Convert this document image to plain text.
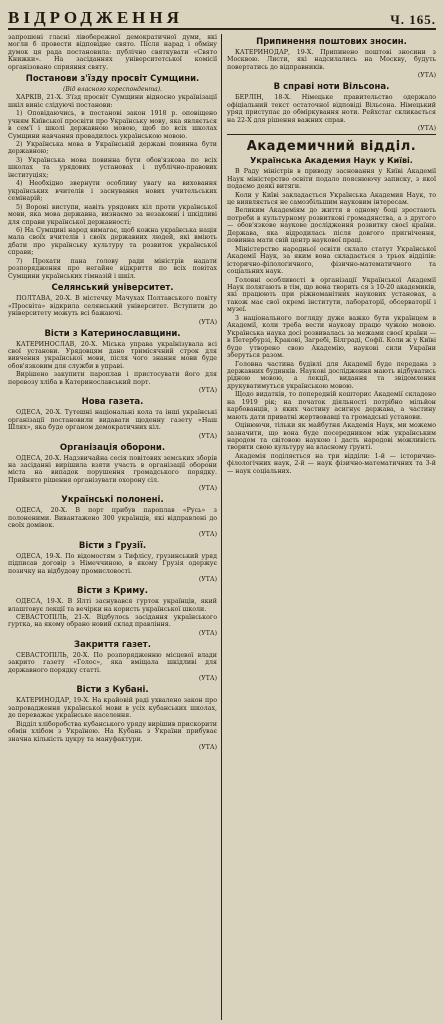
ВІДРОДЖЕННЯ	Ч. 165.

запрошені гласні лівобережної демократичної думи, які могли б провести відповідне свято. Після нарад і обміну думок ця рада постановила: публічно святкувати «Свято Книжки». На засіданнях університетської комісії організовано сприяння святу.

Постанови з'їзду просвіт Сумщини.
(Від власного кореспондента).

ХАРКІВ, 21-Х. З'їзд просвіт Сумщини відносно українізації шкіл виніс слідуючі постанови:

1) Оповідаючись, в постанові закон 1918 р. оповіщено учням Київської просвіти про Українську мову, яка являється в сем'ї і школі державною мовою, щоб по всіх школах Сумщини навчання провадилось українською мовою.

2) Українська мова в Українській державі повинна бути державною;

3) Українська мова повинна бути обов'язкова по всіх школах та урядових установах і публічно-правових інституціях;

4) Необхідно звернути особливу увагу на виховання українських вчителів і заснування нових учительських семінарій;

5) Вороні виступи, навіть урядових кіл проти української мови, яка мова державна, визнаємо за незаконні і шкідливі для справи української державності;

6) На Сумщині народ вимагає, щоб кожна українська нація мала своїх вчителів і своїх державних людей, які вміють дбати про українську культуру та розвиток української справи;

7) Прохати пана голову ради міністрів надати розпорядження про негайне відкриття по всіх повітах Сумщини українських гімназій і шкіл.

Селянський університет.

ПОЛТАВА, 20-Х. В містечку Мачухах Полтавського повіту «Просвіта» відкрила селянський університет. Вступити до університету можуть всі бажаючі.

(УТА)
Вісти з Катеринославщини.

КАТЕРИНОСЛАВ, 20-Х. Міська управа українізувала всі свої установи. Урядовцям дано тримісячний строк для вивчення української мови, після чого знання мови буде обов'язковим для служби в управі.

Вирішено закупити пароплав і пристосувати його для перевозу хліба в Катеринославський порт.

(УТА)
Нова газета.

ОДЕСА, 20-Х. Тутешні національні кола та інші українські організації постановили видавати щоденну газету «Наш Шлях», яка буде органом демократичних кіл.

(УТА)
Організація оборони.

ОДЕСА, 20-Х. Надзвичайна сесія повітових земських зборів на засіданні вирішила взяти участь в організації оборони міста на випадок порушення громадського порядку. Прийнято рішення організувати охорону сіл.

(УТА)
Українські полонені.

ОДЕСА, 20-Х. В порт прибув пароплав «Русь» з полоненими. Вивантажено 300 українців, які відправлені до своїх домівок.

(УТА)
Вісти з Грузії.

ОДЕСА, 19-Х. По відомостям з Тифлісу, грузинський уряд підписав договір з Німеччиною, в якому Грузія одержує позичку на відбудову промисловості.

(УТА)
Вісти з Криму.

ОДЕСА, 19-Х. В Ялті заснувався гурток українців, який влаштовує лекції та вечірки на користь української школи.

СЕВАСТОПІЛЬ, 21-Х. Відбулось засідання українського гуртка, на якому обрано новий склад правління.

(УТА)
Закриття газет.

СЕВАСТОПІЛЬ, 20-Х. По розпорядженню місцевої влади закрито газету «Голос», яка вміщала шкідливі для державного порядку статті.

(УТА)
Вісти з Кубані.

КАТЕРИНОДАР, 19-Х. На крайовій раді ухвалено закон про запровадження української мови в усіх кубанських школах, де переважає українське населення.

Відділ хліборобства кубанського уряду вирішив прискорити обмін хлібом з Україною. На Кубань з України прибуває значна кількість цукру та мануфактури.

(УТА)
Припинення поштових зносин.

КАТЕРИНОДАР, 19-Х. Припинено поштові зносини з Москвою. Листи, які надсилались на Москву, будуть повертатись до відправників.

(УТА)
В справі ноти Вільсона.

БЕРЛІН, 18-Х. Німецьке правительство одержало офіціальний текст остаточної відповіді Вільсона. Німецький уряд приступає до обміркування ноти. Рейхстаг скликається на 22-Х для рішення важних справ.

(УТА)
Академичний відділ.
Українська Академия Наук у Київі.

В Раду міністрів в приводу засновання у Київі Академії Наук міністерство освіти подало пояснюючу записку, з якої подаємо деякі витяги.

Коли у Київі закладається Українська Академия Наук, то це виявляється не самозбільшим науковим інтересам.

Великим Академіям до життя в одному боці зростають потреби в культурному розвиткові громадянства, а з другого — обов'язкове наукове дослідження розвитку своєї країни. Держава, яка відродилась після довгого пригнічення, повинна мати свій центр наукової праці.

Міністерство народньої освіти склало статут Української Академії Наук, за яким вона складається з трьох відділів: історично-філологичного, фізично-математичного та соціальних наук.

Головні особливості в організації Української Академії Наук полягають в тім, що вона творить ся з 10-20 академиків, які працюють при ріжноманітних наукових установах, а також має свої окремі інститути, лабораторії, обсерваторії і музеї.

З національного погляду дуже важко бути українцем в Академії, коли треба вести наукову працю чужою мовою. Українська наука досі розвивалась за межами своєї країни — в Петербурзі, Кракові, Загребі, Білграді, Софії. Коли ж у Київі буде утворено свою Академію, наукові сили України зберуться разом.

Головна частина будівлі для Академії буде передана з державних будинків. Наукові дослідження мають відбуватись рідною мовою, а лекції, видання та звідомлення друкуватимуться українською мовою.

Щодо видатків, то попередній кошторис Академії складено на 1919 рік; на початок діяльності потрібно мільйон карбованців, з яких частину асигнує держава, а частину мають дати приватні жертвовавці та громадські установи.

Оцінюючи, тільки як майбутня Академія Наук, ми можемо зазначити, що вона буде посередником між українським народом та світовою наукою і дасть народові можливість творити свою культуру на власному ґрунті.

Академія поділяється на три відділи: 1-й — історично-філологічних наук, 2-й — наук фізично-математичних та 3-й — наук соціальних.
